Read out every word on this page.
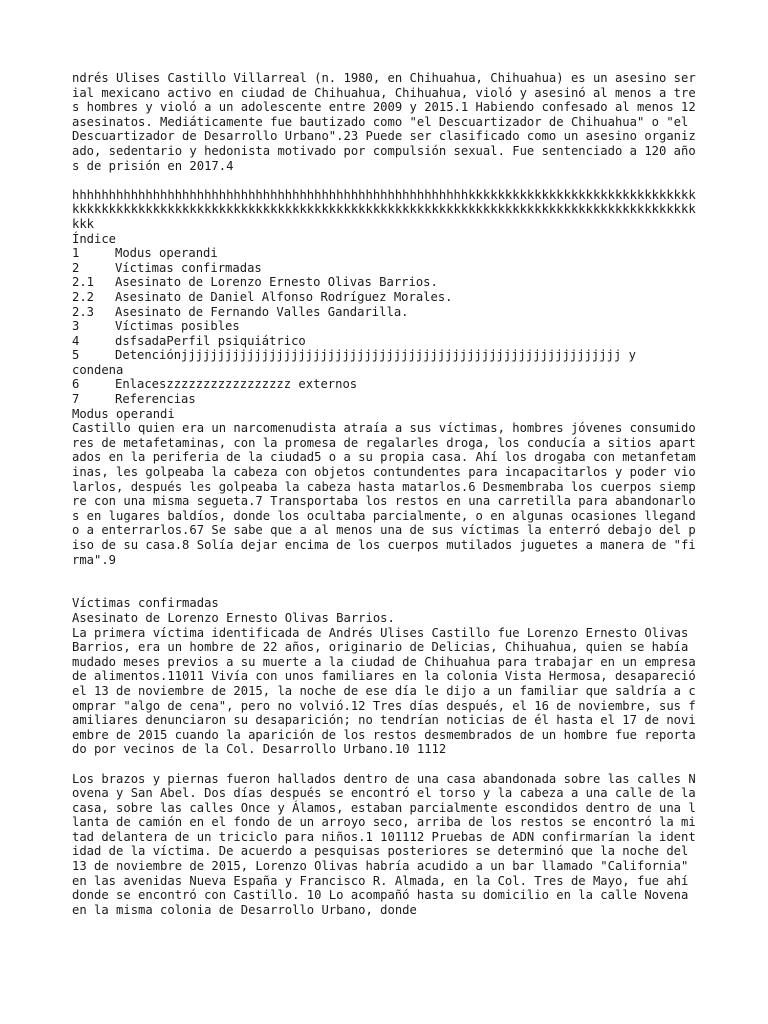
ndrés Ulises Castillo Villarreal (n. 1980, en Chihuahua, Chihuahua) es un asesino serial mexicano activo en ciudad de Chihuahua, Chihuahua, violó y asesinó al menos a tres hombres y violó a un adolescente entre 2009 y 2015.1 Habiendo confesado al menos 12 asesinatos. Mediáticamente fue bautizado como "el Descuartizador de Chihuahua" o "el Descuartizador de Desarrollo Urbano".23 Puede ser clasificado como un asesino organizado, sedentario y hedonista motivado por compulsión sexual. Fue sentenciado a 120 años de prisión en 2017.4

hhhhhhhhhhhhhhhhhhhhhhhhhhhhhhhhhhhhhhhhhhhhhhhhhhhhhhkkkkkkkkkkkkkkkkkkkkkkkkkkkkkkkkkkkkkkkkkkkkkkkkkkkkkkkkkkkkkkkkkkkkkkkkkkkkkkkkkkkkkkkkkkkkkkkkkkkkkkkkkkkkkkkkkkkkkkk

Índice

1	Modus operandi
2	Víctimas confirmadas
2.1	Asesinato de Lorenzo Ernesto Olivas Barrios.
2.2	Asesinato de Daniel Alfonso Rodríguez Morales.
2.3	Asesinato de Fernando Valles Gandarilla.
3	Víctimas posibles
4	dsfsadaPerfil psiquiátrico
5	Detenciónjjjjjjjjjjjjjjjjjjjjjjjjjjjjjjjjjjjjjjjjjjjjjjjjjjjjjjjjjjjj y
condena
6	Enlaceszzzzzzzzzzzzzzzzz externos
7	Referencias

Modus operandi

Castillo quien era un narcomenudista atraía a sus víctimas, hombres jóvenes consumidores de metafetaminas, con la promesa de regalarles droga, los conducía a sitios apartados en la periferia de la ciudad5 o a su propia casa. Ahí los drogaba con metanfetaminas, les golpeaba la cabeza con objetos contundentes para incapacitarlos y poder violarlos, después les golpeaba la cabeza hasta matarlos.6 Desmembraba los cuerpos siempre con una misma segueta.7 Transportaba los restos en una carretilla para abandonarlos en lugares baldíos, donde los ocultaba parcialmente, o en algunas ocasiones llegando a enterrarlos.67 Se sabe que a al menos una de sus víctimas la enterró debajo del piso de su casa.8 Solía dejar encima de los cuerpos mutilados juguetes a manera de "firma".9

Víctimas confirmadas

Asesinato de Lorenzo Ernesto Olivas Barrios.

La primera víctima identificada de Andrés Ulises Castillo fue Lorenzo Ernesto Olivas Barrios, era un hombre de 22 años, originario de Delicias, Chihuahua, quien se había mudado meses previos a su muerte a la ciudad de Chihuahua para trabajar en un empresa de alimentos.11011 Vivía con unos familiares en la colonia Vista Hermosa, desapareció el 13 de noviembre de 2015, la noche de ese día le dijo a un familiar que saldría a comprar "algo de cena", pero no volvió.12 Tres días después, el 16 de noviembre, sus familiares denunciaron su desaparición; no tendrían noticias de él hasta el 17 de noviembre de 2015 cuando la aparición de los restos desmembrados de un hombre fue reportado por vecinos de la Col. Desarrollo Urbano.10 1112

Los brazos y piernas fueron hallados dentro de una casa abandonada sobre las calles Novena y San Abel. Dos días después se encontró el torso y la cabeza a una calle de la casa, sobre las calles Once y Álamos, estaban parcialmente escondidos dentro de una llanta de camión en el fondo de un arroyo seco, arriba de los restos se encontró la mitad delantera de un triciclo para niños.1 101112 Pruebas de ADN confirmarían la identidad de la víctima. De acuerdo a pesquisas posteriores se determinó que la noche del 13 de noviembre de 2015, Lorenzo Olivas habría acudido a un bar llamado "California" en las avenidas Nueva España y Francisco R. Almada, en la Col. Tres de Mayo, fue ahí donde se encontró con Castillo. 10 Lo acompañó hasta su domicilio en la calle Novena en la misma colonia de Desarrollo Urbano, donde
